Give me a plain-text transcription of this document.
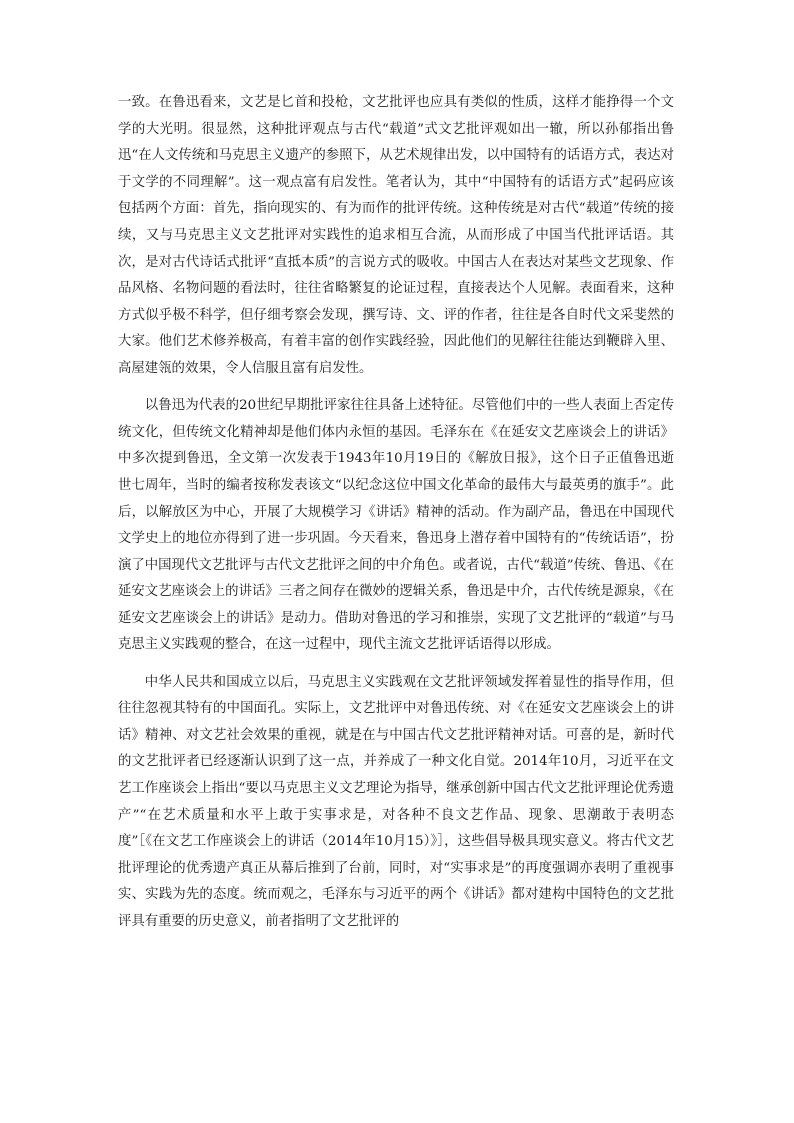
一致。在鲁迅看来，文艺是匕首和投枪，文艺批评也应具有类似的性质，这样才能挣得一个文学的大光明。很显然，这种批评观点与古代“载道”式文艺批评观如出一辙，所以孙郁指出鲁迅“在人文传统和马克思主义遗产的参照下，从艺术规律出发，以中国特有的话语方式，表达对于文学的不同理解”。这一观点富有启发性。笔者认为，其中“中国特有的话语方式”起码应该包括两个方面：首先，指向现实的、有为而作的批评传统。这种传统是对古代“载道”传统的接续，又与马克思主义文艺批评对实践性的追求相互合流，从而形成了中国当代批评话语。其次，是对古代诗话式批评“直抵本质”的言说方式的吸收。中国古人在表达对某些文艺现象、作品风格、名物问题的看法时，往往省略繁复的论证过程，直接表达个人见解。表面看来，这种方式似乎极不科学，但仔细考察会发现，撰写诗、文、评的作者，往往是各自时代文采斐然的大家。他们艺术修养极高，有着丰富的创作实践经验，因此他们的见解往往能达到鞭辟入里、高屋建瓴的效果，令人信服且富有启发性。

以鲁迅为代表的20世纪早期批评家往往具备上述特征。尽管他们中的一些人表面上否定传统文化，但传统文化精神却是他们体内永恒的基因。毛泽东在《在延安文艺座谈会上的讲话》中多次提到鲁迅，全文第一次发表于1943年10月19日的《解放日报》，这个日子正值鲁迅逝世七周年，当时的编者按称发表该文“以纪念这位中国文化革命的最伟大与最英勇的旗手”。此后，以解放区为中心，开展了大规模学习《讲话》精神的活动。作为副产品，鲁迅在中国现代文学史上的地位亦得到了进一步巩固。今天看来，鲁迅身上潜存着中国特有的“传统话语”，扮演了中国现代文艺批评与古代文艺批评之间的中介角色。或者说，古代“载道”传统、鲁迅、《在延安文艺座谈会上的讲话》三者之间存在微妙的逻辑关系，鲁迅是中介，古代传统是源泉，《在延安文艺座谈会上的讲话》是动力。借助对鲁迅的学习和推崇，实现了文艺批评的“载道”与马克思主义实践观的整合，在这一过程中，现代主流文艺批评话语得以形成。

中华人民共和国成立以后，马克思主义实践观在文艺批评领域发挥着显性的指导作用，但往往忽视其特有的中国面孔。实际上，文艺批评中对鲁迅传统、对《在延安文艺座谈会上的讲话》精神、对文艺社会效果的重视，就是在与中国古代文艺批评精神对话。可喜的是，新时代的文艺批评者已经逐渐认识到了这一点，并养成了一种文化自觉。2014年10月，习近平在文艺工作座谈会上指出“要以马克思主义文艺理论为指导，继承创新中国古代文艺批评理论优秀遗产”“在艺术质量和水平上敢于实事求是，对各种不良文艺作品、现象、思潮敢于表明态度”［《在文艺工作座谈会上的讲话（2014年10月15）》］，这些倡导极具现实意义。将古代文艺批评理论的优秀遗产真正从幕后推到了台前，同时，对“实事求是”的再度强调亦表明了重视事实、实践为先的态度。统而观之，毛泽东与习近平的两个《讲话》都对建构中国特色的文艺批评具有重要的历史意义，前者指明了文艺批评的
